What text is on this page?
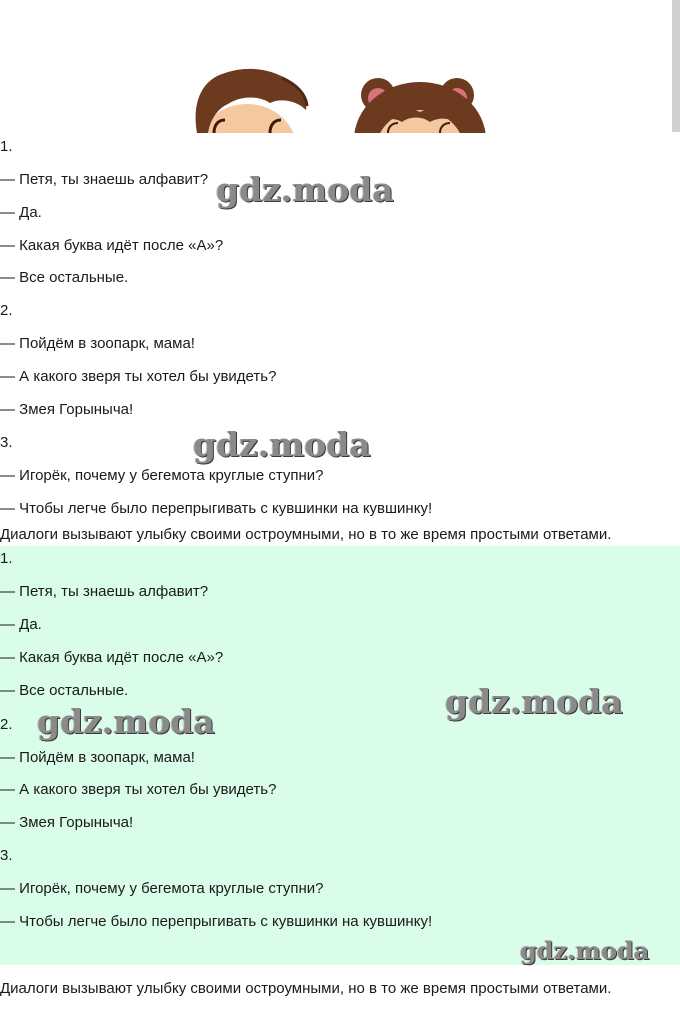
1.
— Петя, ты знаешь алфавит?
— Да.
— Какая буква идёт после «А»?
— Все остальные.
2.
— Пойдём в зоопарк, мама!
— А какого зверя ты хотел бы увидеть?
— Змея Горыныча!
3.
— Игорёк, почему у бегемота круглые ступни?
— Чтобы легче было перепрыгивать с кувшинки на кувшинку!
Диалоги вызывают улыбку своими остроумными, но в то же время простыми ответами.
1.
— Петя, ты знаешь алфавит?
— Да.
— Какая буква идёт после «А»?
— Все остальные.
2.
— Пойдём в зоопарк, мама!
— А какого зверя ты хотел бы увидеть?
— Змея Горыныча!
3.
— Игорёк, почему у бегемота круглые ступни?
— Чтобы легче было перепрыгивать с кувшинки на кувшинку!
Диалоги вызывают улыбку своими остроумными, но в то же время простыми ответами.
gdz.moda
gdz.moda
gdz.moda
gdz.moda
gdz.moda
